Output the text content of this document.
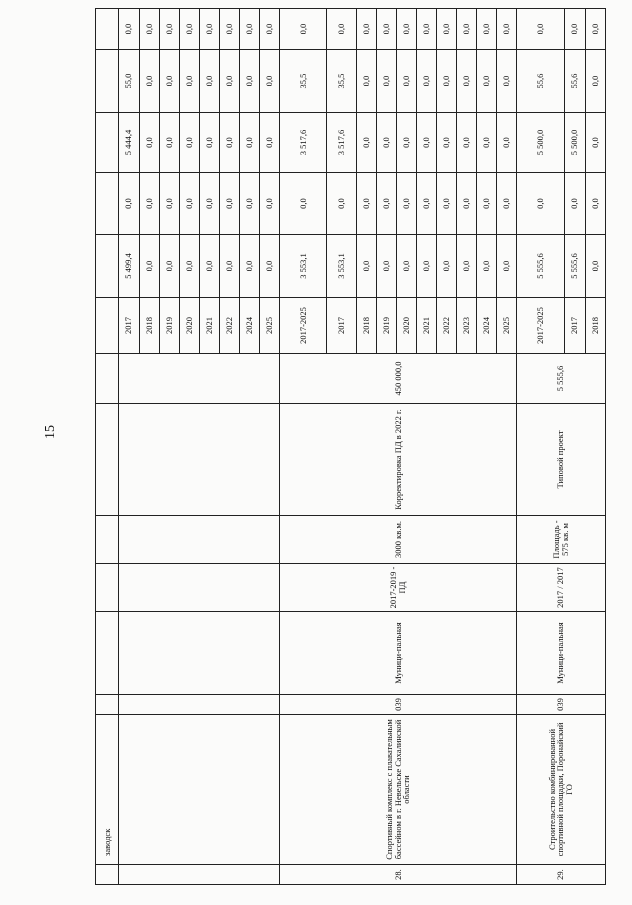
15
	заводск													
								2017	5 499,4	0,0	5 444,4	55,0	0,0	
								2018	0,0	0,0	0,0	0,0	0,0	
								2019	0,0	0,0	0,0	0,0	0,0	
								2020	0,0	0,0	0,0	0,0	0,0	
								2021	0,0	0,0	0,0	0,0	0,0	
								2022	0,0	0,0	0,0	0,0	0,0	
								2024	0,0	0,0	0,0	0,0	0,0	
								2025	0,0	0,0	0,0	0,0	0,0	
28.	Спортивный комплекс с плавательным бассейном в г. Невельске Сахалинской области	039	Муници-пальная	2017-2019 - ПД	3000 кв.м.	Корректировка ПД в 2022 г.	450 000,0	2017-2025	3 553,1	0,0	3 517,6	35,5	0,0	
								2017	3 553,1	0,0	3 517,6	35,5	0,0	
								2018	0,0	0,0	0,0	0,0	0,0	
								2019	0,0	0,0	0,0	0,0	0,0	
								2020	0,0	0,0	0,0	0,0	0,0	
								2021	0,0	0,0	0,0	0,0	0,0	
								2022	0,0	0,0	0,0	0,0	0,0	
								2023	0,0	0,0	0,0	0,0	0,0	
								2024	0,0	0,0	0,0	0,0	0,0	
								2025	0,0	0,0	0,0	0,0	0,0	
29.	Строительство комбинированной спортивной площадки, Поронайский ГО	039	Муници-пальная	2017 / 2017	Площадь - 575 кв. м	Типовой проект	5 555,6	2017-2025	5 555,6	0,0	5 500,0	55,6	0,0	
								2017	5 555,6	0,0	5 500,0	55,6	0,0	
								2018	0,0	0,0	0,0	0,0	0,0	
